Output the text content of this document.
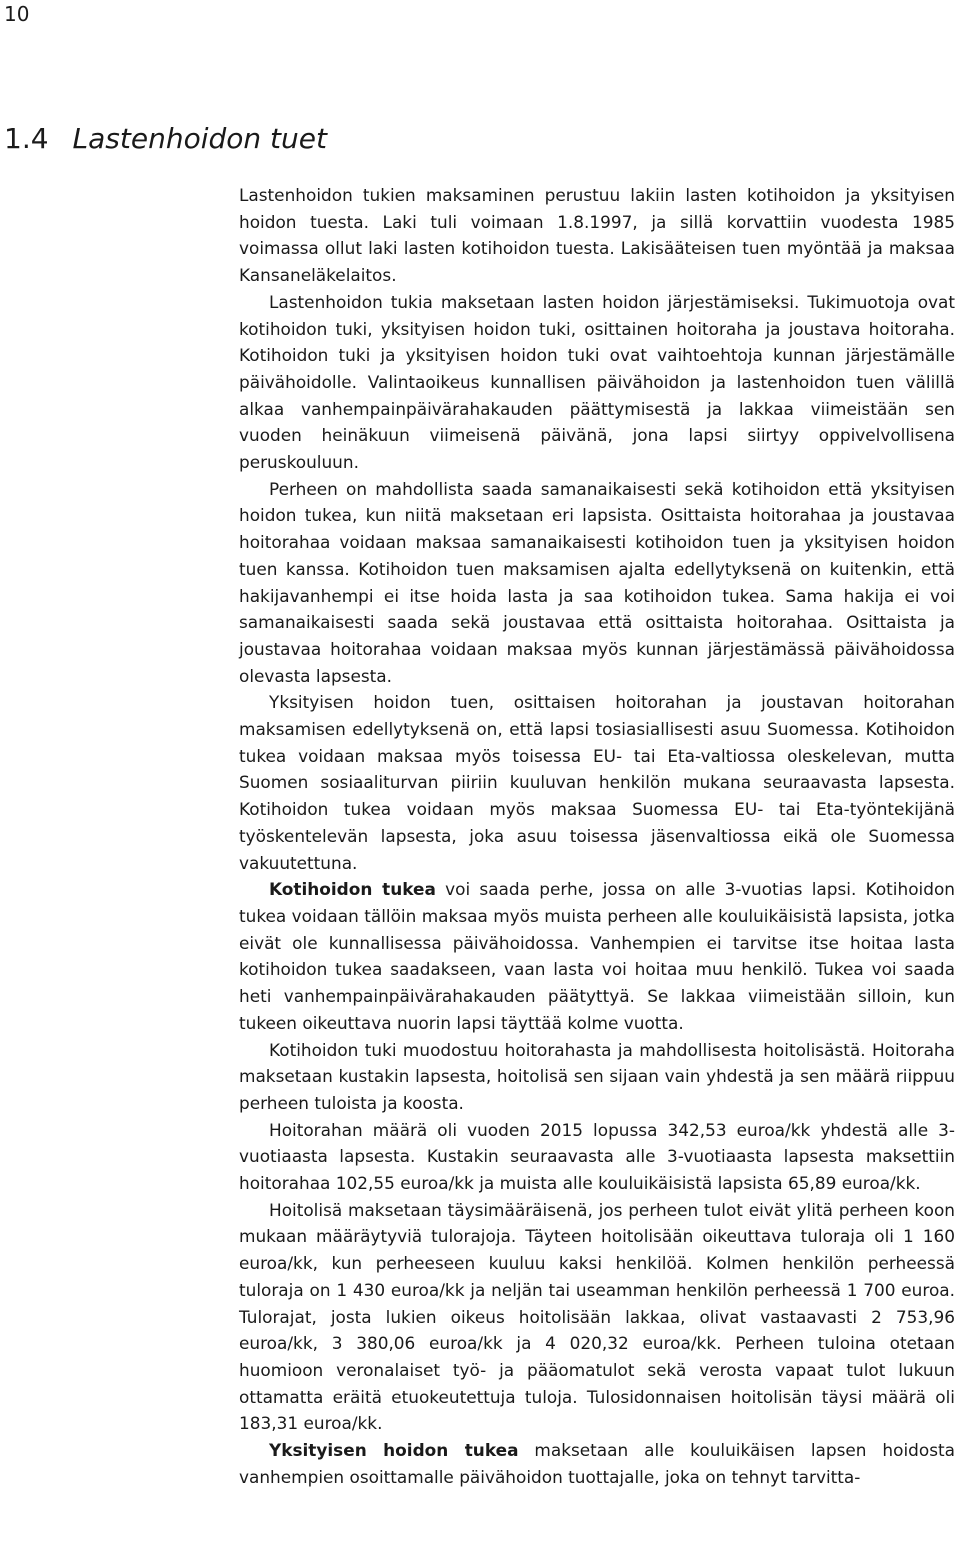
10
1.4 Lastenhoidon tuet

Lastenhoidon tukien maksaminen perustuu lakiin lasten kotihoidon ja yksityisen hoidon tuesta. Laki tuli voimaan 1.8.1997, ja sillä korvattiin vuodesta 1985 voimassa ollut laki lasten kotihoidon tuesta. Lakisääteisen tuen myöntää ja maksaa Kansaneläkelaitos.

Lastenhoidon tukia maksetaan lasten hoidon järjestämiseksi. Tukimuotoja ovat kotihoidon tuki, yksityisen hoidon tuki, osittainen hoitoraha ja joustava hoitoraha. Kotihoidon tuki ja yksityisen hoidon tuki ovat vaihtoehtoja kunnan järjestämälle päivähoidolle. Valintaoikeus kunnallisen päivähoidon ja lastenhoidon tuen välillä alkaa vanhempainpäivärahakauden päättymisestä ja lakkaa viimeistään sen vuoden heinäkuun viimeisenä päivänä, jona lapsi siirtyy oppivelvollisena peruskouluun.

Perheen on mahdollista saada samanaikaisesti sekä kotihoidon että yksityisen hoidon tukea, kun niitä maksetaan eri lapsista. Osittaista hoitorahaa ja joustavaa hoitorahaa voidaan maksaa samanaikaisesti kotihoidon tuen ja yksityisen hoidon tuen kanssa. Kotihoidon tuen maksamisen ajalta edellytyksenä on kuitenkin, että hakijavanhempi ei itse hoida lasta ja saa kotihoidon tukea. Sama hakija ei voi samanaikaisesti saada sekä joustavaa että osittaista hoitorahaa. Osittaista ja joustavaa hoitorahaa voidaan maksaa myös kunnan järjestämässä päivähoidossa olevasta lapsesta.

Yksityisen hoidon tuen, osittaisen hoitorahan ja joustavan hoitorahan maksamisen edellytyksenä on, että lapsi tosiasiallisesti asuu Suomessa. Kotihoidon tukea voidaan maksaa myös toisessa EU- tai Eta-valtiossa oleskelevan, mutta Suomen sosiaaliturvan piiriin kuuluvan henkilön mukana seuraavasta lapsesta. Kotihoidon tukea voidaan myös maksaa Suomessa EU- tai Eta-työntekijänä työskentelevän lapsesta, joka asuu toisessa jäsenvaltiossa eikä ole Suomessa vakuutettuna.

Kotihoidon tukea voi saada perhe, jossa on alle 3-vuotias lapsi. Kotihoidon tukea voidaan tällöin maksaa myös muista perheen alle kouluikäisistä lapsista, jotka eivät ole kunnallisessa päivähoidossa. Vanhempien ei tarvitse itse hoitaa lasta kotihoidon tukea saadakseen, vaan lasta voi hoitaa muu henkilö. Tukea voi saada heti vanhempainpäivärahakauden päätyttyä. Se lakkaa viimeistään silloin, kun tukeen oikeuttava nuorin lapsi täyttää kolme vuotta.

Kotihoidon tuki muodostuu hoitorahasta ja mahdollisesta hoitolisästä. Hoitoraha maksetaan kustakin lapsesta, hoitolisä sen sijaan vain yhdestä ja sen määrä riippuu perheen tuloista ja koosta.

Hoitorahan määrä oli vuoden 2015 lopussa 342,53 euroa/kk yhdestä alle 3-vuotiaasta lapsesta. Kustakin seuraavasta alle 3-vuotiaasta lapsesta maksettiin hoitorahaa 102,55 euroa/kk ja muista alle kouluikäisistä lapsista 65,89 euroa/kk.

Hoitolisä maksetaan täysimääräisenä, jos perheen tulot eivät ylitä perheen koon mukaan määräytyviä tulorajoja. Täyteen hoitolisään oikeuttava tuloraja oli 1 160 euroa/kk, kun perheeseen kuuluu kaksi henkilöä. Kolmen henkilön perheessä tuloraja on 1 430 euroa/kk ja neljän tai useamman henkilön perheessä 1 700 euroa. Tulorajat, josta lukien oikeus hoitolisään lakkaa, olivat vastaavasti 2 753,96 euroa/kk, 3 380,06 euroa/kk ja 4 020,32 euroa/kk. Perheen tuloina otetaan huomioon veronalaiset työ- ja pääomatulot sekä verosta vapaat tulot lukuun ottamatta eräitä etuokeutettuja tuloja. Tulosidonnaisen hoitolisän täysi määrä oli 183,31 euroa/kk.

Yksityisen hoidon tukea maksetaan alle kouluikäisen lapsen hoidosta vanhempien osoittamalle päivähoidon tuottajalle, joka on tehnyt tarvitta-
